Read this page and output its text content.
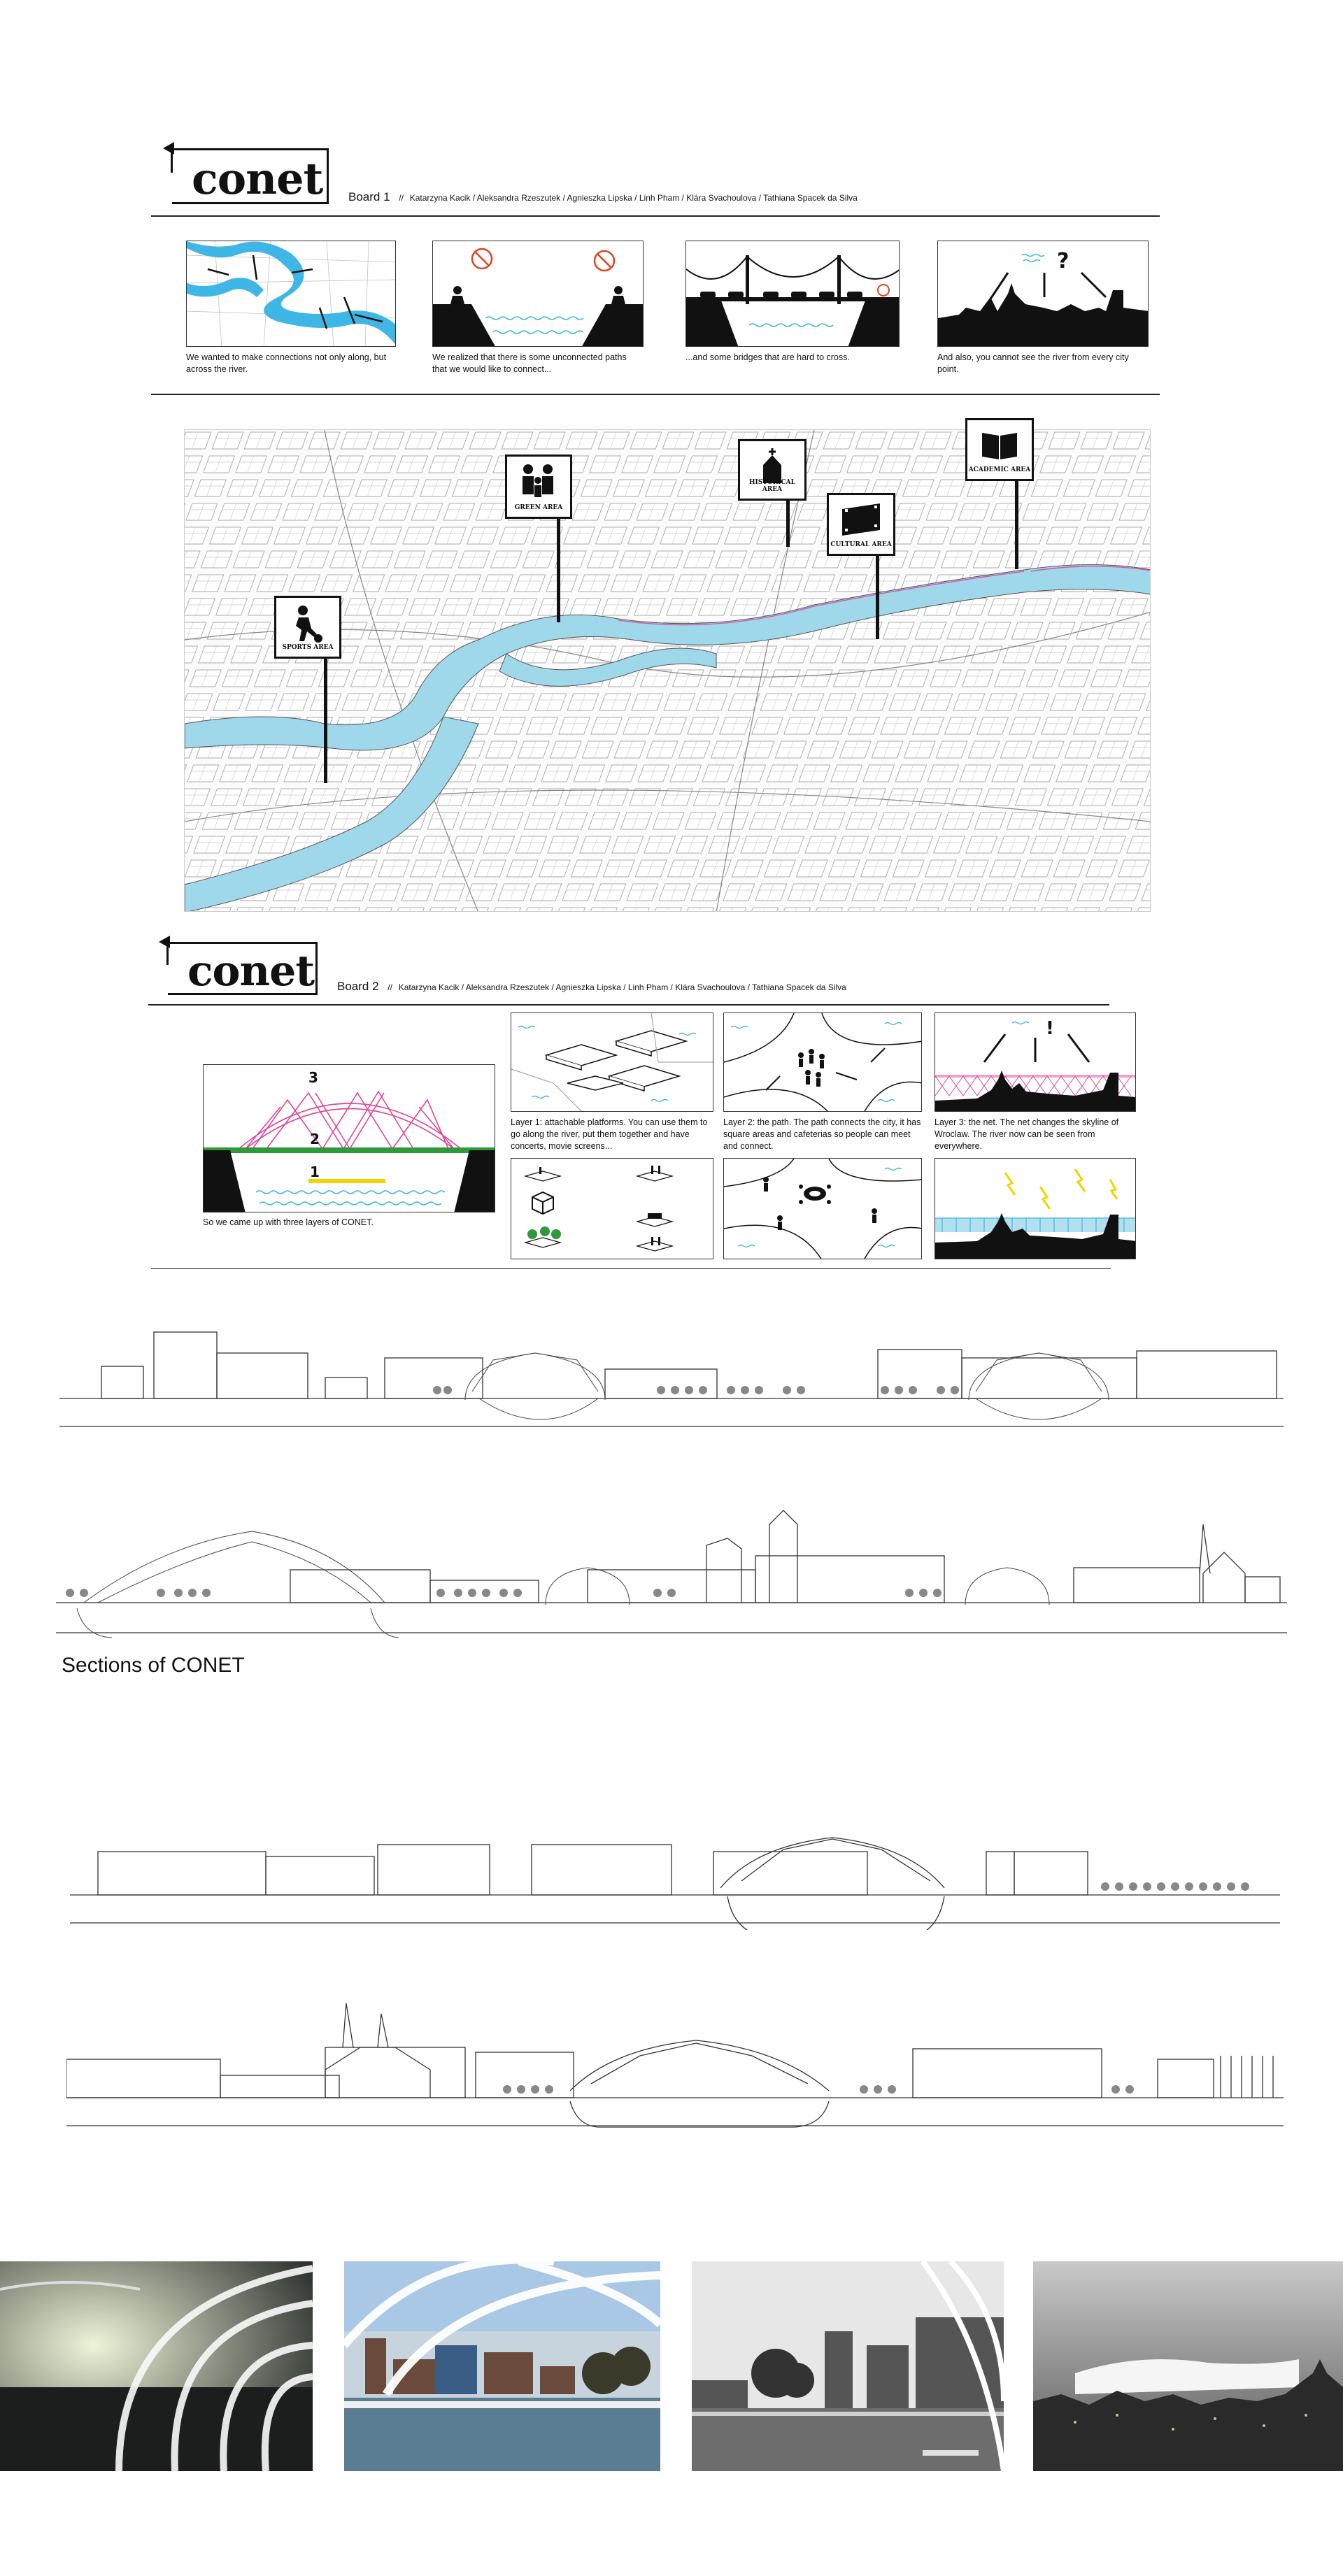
conet Board 1 // Katarzyna Kacik / Aleksandra Rzeszutek / Agnieszka Lipska / Linh Pham / Klára Svachoulova / Tathiana Spacek da Silva
We wanted to make connections not only along, but across the river.
We realized that there is some unconnected paths that we would like to connect...
...and some bridges that are hard to cross.
?
And also, you cannot see the river from every city point.
SPORTS AREA
GREEN AREA
HISTORICAL AREA
CULTURAL AREA
ACADEMIC AREA
conet Board 2 // Katarzyna Kacik / Aleksandra Rzeszutek / Agnieszka Lipska / Linh Pham / Klára Svachoulova / Tathiana Spacek da Silva
3
2
1
So we came up with three layers of CONET.
Layer 1: attachable platforms. You can use them to go along the river, put them together and have concerts, movie screens...
Layer 2: the path. The path connects the city, it has square areas and cafeterias so people can meet and connect.
!
Layer 3: the net. The net changes the skyline of Wroclaw. The river now can be seen from everywhere.
Sections of CONET
